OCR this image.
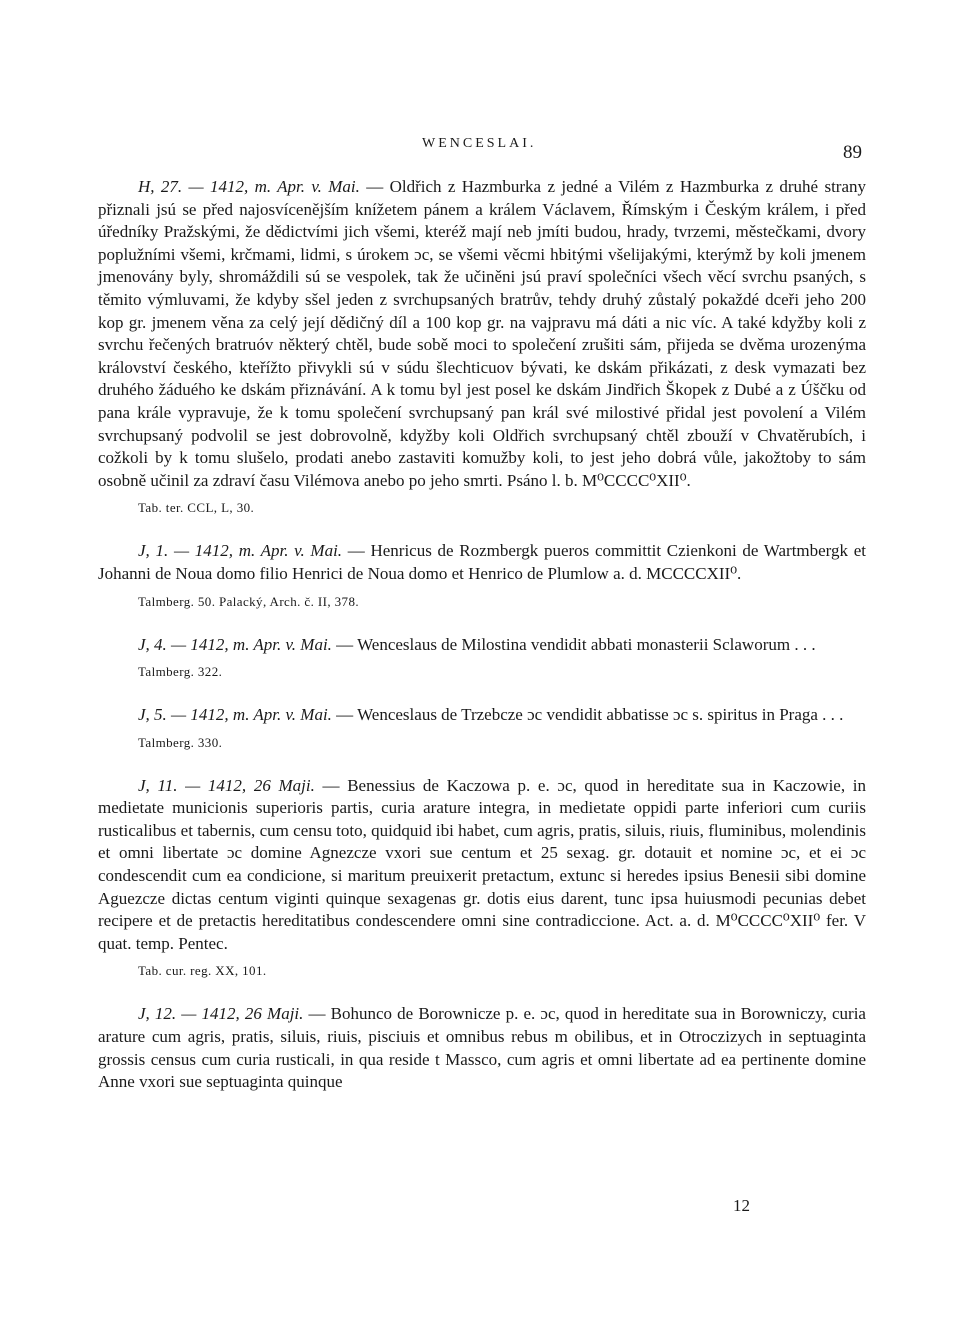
WENCESLAI.	89

H, 27. — 1412, m. Apr. v. Mai. — Oldřich z Hazmburka z jedné a Vilém z Hazmburka z druhé strany přiznali jsú se před najosvícenějším knížetem pánem a králem Václavem, Římským i Českým králem, i před úředníky Pražskými, že dědictvími jich všemi, kteréž mají neb jmíti budou, hrady, tvrzemi, městečkami, dvory poplužními všemi, krčmami, lidmi, s úrokem ɔc, se všemi věcmi hbitými všelijakými, kterýmž by koli jmenem jmenovány byly, shromáždili sú se vespolek, tak že učiněni jsú praví společníci všech věcí svrchu psaných, s těmito výmluvami, že kdyby sšel jeden z svrchupsaných bratrův, tehdy druhý zůstalý pokaždé dceři jeho 200 kop gr. jmenem věna za celý její dědičný díl a 100 kop gr. na vajpravu má dáti a nic víc. A také kdyžby koli z svrchu řečených bratruóv některý chtěl, bude sobě moci to společení zrušiti sám, přijeda se dvěma urozenýma království českého, kteřížto přivykli sú v súdu šlechticuov bývati, ke dskám přikázati, z desk vymazati bez druhého žáduého ke dskám přiznávání. A k tomu byl jest posel ke dskám Jindřich Škopek z Dubé a z Úščku od pana krále vypravuje, že k tomu společení svrchupsaný pan král své milostivé přidal jest povolení a Vilém svrchupsaný podvolil se jest dobrovolně, kdyžby koli Oldřich svrchupsaný chtěl zbouží v Chvatěrubích, i cožkoli by k tomu slušelo, prodati anebo zastaviti komužby koli, to jest jeho dobrá vůle, jakožtoby to sám osobně učinil za zdraví času Vilémova anebo po jeho smrti. Psáno l. b. M⁰CCCC⁰XII⁰.

Tab. ter. CCL, L, 30.

J, 1. — 1412, m. Apr. v. Mai. — Henricus de Rozmbergk pueros committit Czienkoni de Wartmbergk et Johanni de Noua domo filio Henrici de Noua domo et Henrico de Plumlow a. d. MCCCCXII⁰.

Talmberg. 50. Palacký, Arch. č. II, 378.

J, 4. — 1412, m. Apr. v. Mai. — Wenceslaus de Milostina vendidit abbati monasterii Sclaworum . . .

Talmberg. 322.

J, 5. — 1412, m. Apr. v. Mai. — Wenceslaus de Trzebcze ɔc vendidit abbatisse ɔc s. spiritus in Praga . . .

Talmberg. 330.

J, 11. — 1412, 26 Maji. — Benessius de Kaczowa p. e. ɔc, quod in hereditate sua in Kaczowie, in medietate municionis superioris partis, curia arature integra, in medietate oppidi parte inferiori cum curiis rusticalibus et tabernis, cum censu toto, quidquid ibi habet, cum agris, pratis, siluis, riuis, fluminibus, molendinis et omni libertate ɔc domine Agnezcze vxori sue centum et 25 sexag. gr. dotauit et nomine ɔc, et ei ɔc condescendit cum ea condicione, si maritum preuixerit pretactum, extunc si heredes ipsius Benesii sibi domine Aguezcze dictas centum viginti quinque sexagenas gr. dotis eius darent, tunc ipsa huiusmodi pecunias debet recipere et de pretactis hereditatibus condescendere omni sine contradiccione. Act. a. d. M⁰CCCC⁰XII⁰ fer. V quat. temp. Pentec.

Tab. cur. reg. XX, 101.

J, 12. — 1412, 26 Maji. — Bohunco de Borownicze p. e. ɔc, quod in hereditate sua in Borowniczy, curia arature cum agris, pratis, siluis, riuis, pisciuis et omnibus rebus m obilibus, et in Otroczizych in septuaginta grossis census cum curia rusticali, in qua reside t Massco, cum agris et omni libertate ad ea pertinente domine Anne vxori sue septuaginta quinque

12
